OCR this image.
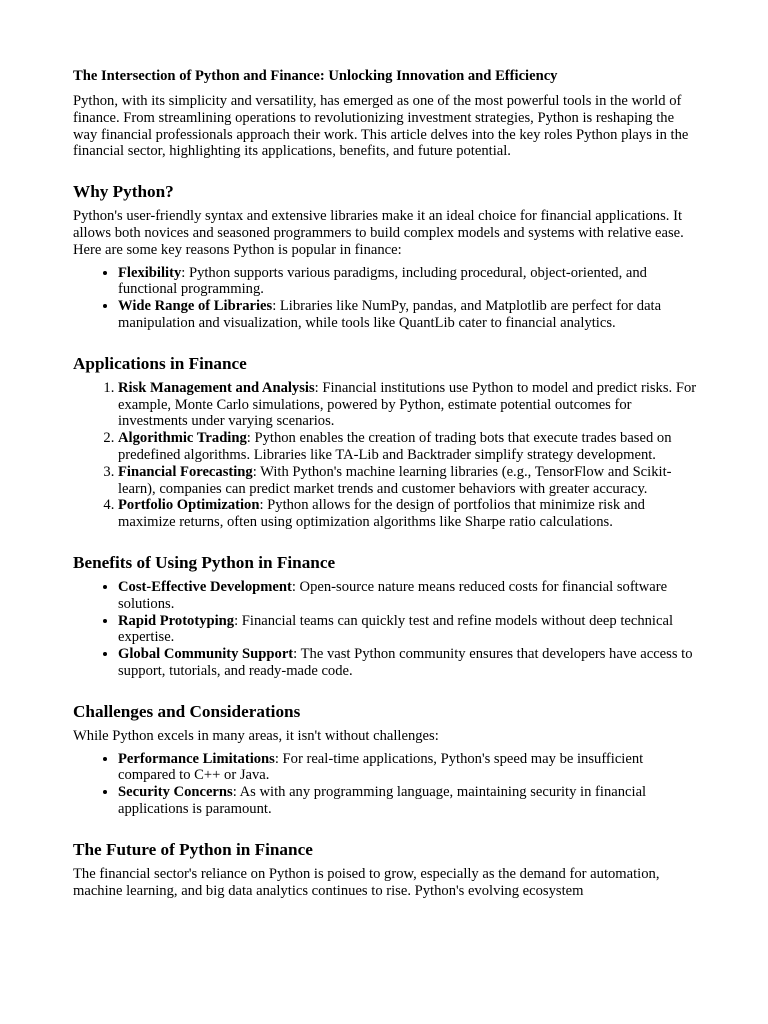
The Intersection of Python and Finance: Unlocking Innovation and Efficiency

Python, with its simplicity and versatility, has emerged as one of the most powerful tools in the world of finance. From streamlining operations to revolutionizing investment strategies, Python is reshaping the way financial professionals approach their work. This article delves into the key roles Python plays in the financial sector, highlighting its applications, benefits, and future potential.

Why Python?

Python's user-friendly syntax and extensive libraries make it an ideal choice for financial applications. It allows both novices and seasoned programmers to build complex models and systems with relative ease. Here are some key reasons Python is popular in finance:

• Flexibility: Python supports various paradigms, including procedural, object-oriented, and functional programming.
• Wide Range of Libraries: Libraries like NumPy, pandas, and Matplotlib are perfect for data manipulation and visualization, while tools like QuantLib cater to financial analytics.
Applications in Finance
1. Risk Management and Analysis: Financial institutions use Python to model and predict risks. For example, Monte Carlo simulations, powered by Python, estimate potential outcomes for investments under varying scenarios.
2. Algorithmic Trading: Python enables the creation of trading bots that execute trades based on predefined algorithms. Libraries like TA-Lib and Backtrader simplify strategy development.
3. Financial Forecasting: With Python's machine learning libraries (e.g., TensorFlow and Scikit-learn), companies can predict market trends and customer behaviors with greater accuracy.
4. Portfolio Optimization: Python allows for the design of portfolios that minimize risk and maximize returns, often using optimization algorithms like Sharpe ratio calculations.
Benefits of Using Python in Finance
• Cost-Effective Development: Open-source nature means reduced costs for financial software solutions.
• Rapid Prototyping: Financial teams can quickly test and refine models without deep technical expertise.
• Global Community Support: The vast Python community ensures that developers have access to support, tutorials, and ready-made code.
Challenges and Considerations

While Python excels in many areas, it isn't without challenges:

• Performance Limitations: For real-time applications, Python's speed may be insufficient compared to C++ or Java.
• Security Concerns: As with any programming language, maintaining security in financial applications is paramount.
The Future of Python in Finance

The financial sector's reliance on Python is poised to grow, especially as the demand for automation, machine learning, and big data analytics continues to rise. Python's evolving ecosystem
